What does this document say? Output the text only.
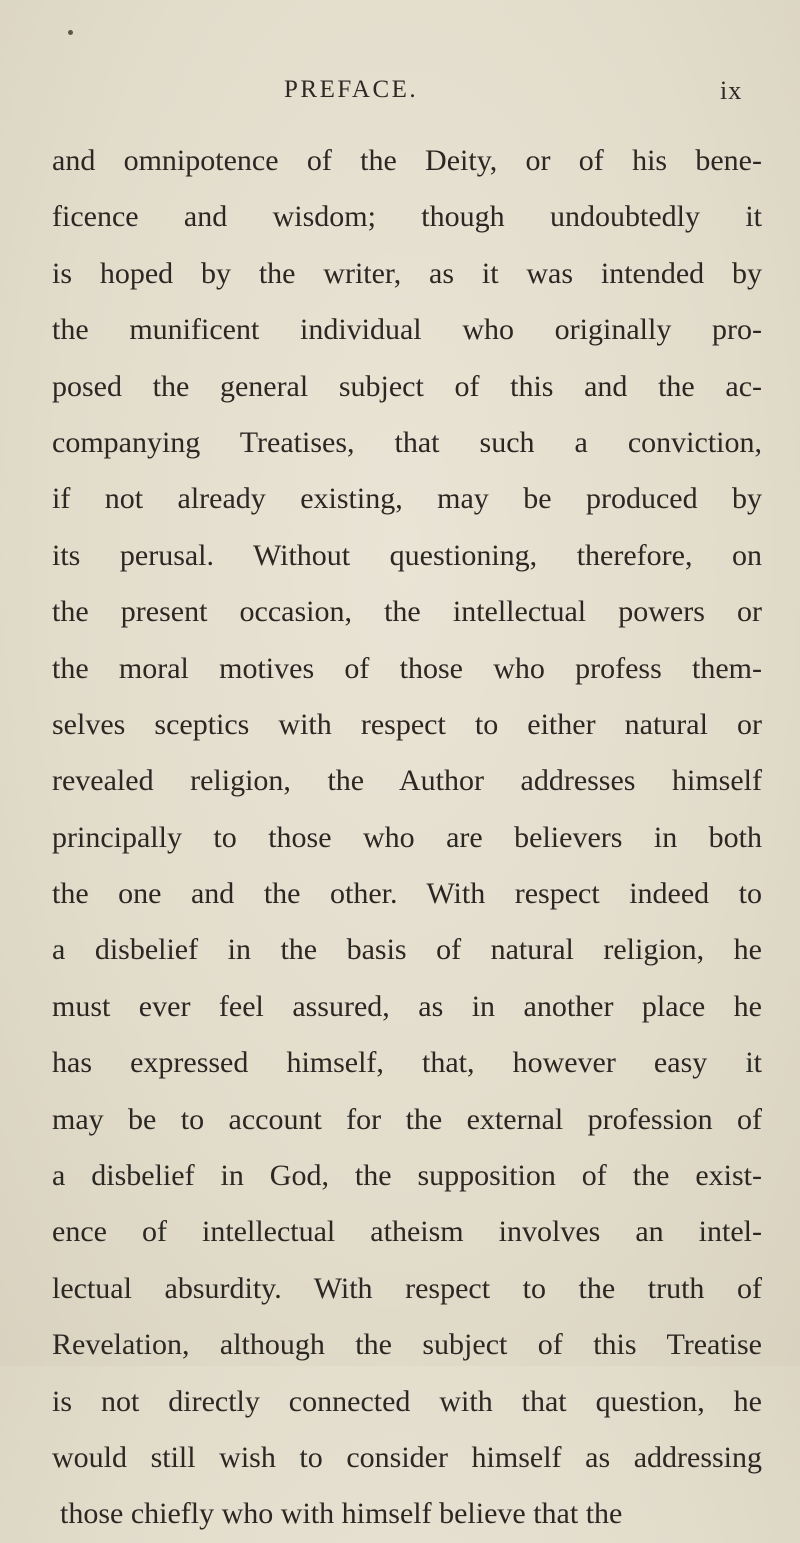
PREFACE.	ix
and omnipotence of the Deity, or of his bene-
ficence and wisdom; though undoubtedly it
is hoped by the writer, as it was intended by
the munificent individual who originally pro-
posed the general subject of this and the ac-
companying Treatises, that such a conviction,
if not already existing, may be produced by
its perusal. Without questioning, therefore, on
the present occasion, the intellectual powers or
the moral motives of those who profess them-
selves sceptics with respect to either natural or
revealed religion, the Author addresses himself
principally to those who are believers in both
the one and the other. With respect indeed to
a disbelief in the basis of natural religion, he
must ever feel assured, as in another place he
has expressed himself, that, however easy it
may be to account for the external profession of
a disbelief in God, the supposition of the exist-
ence of intellectual atheism involves an intel-
lectual absurdity. With respect to the truth of
Revelation, although the subject of this Treatise
is not directly connected with that question, he
would still wish to consider himself as addressing
those chiefly who with himself believe that the
